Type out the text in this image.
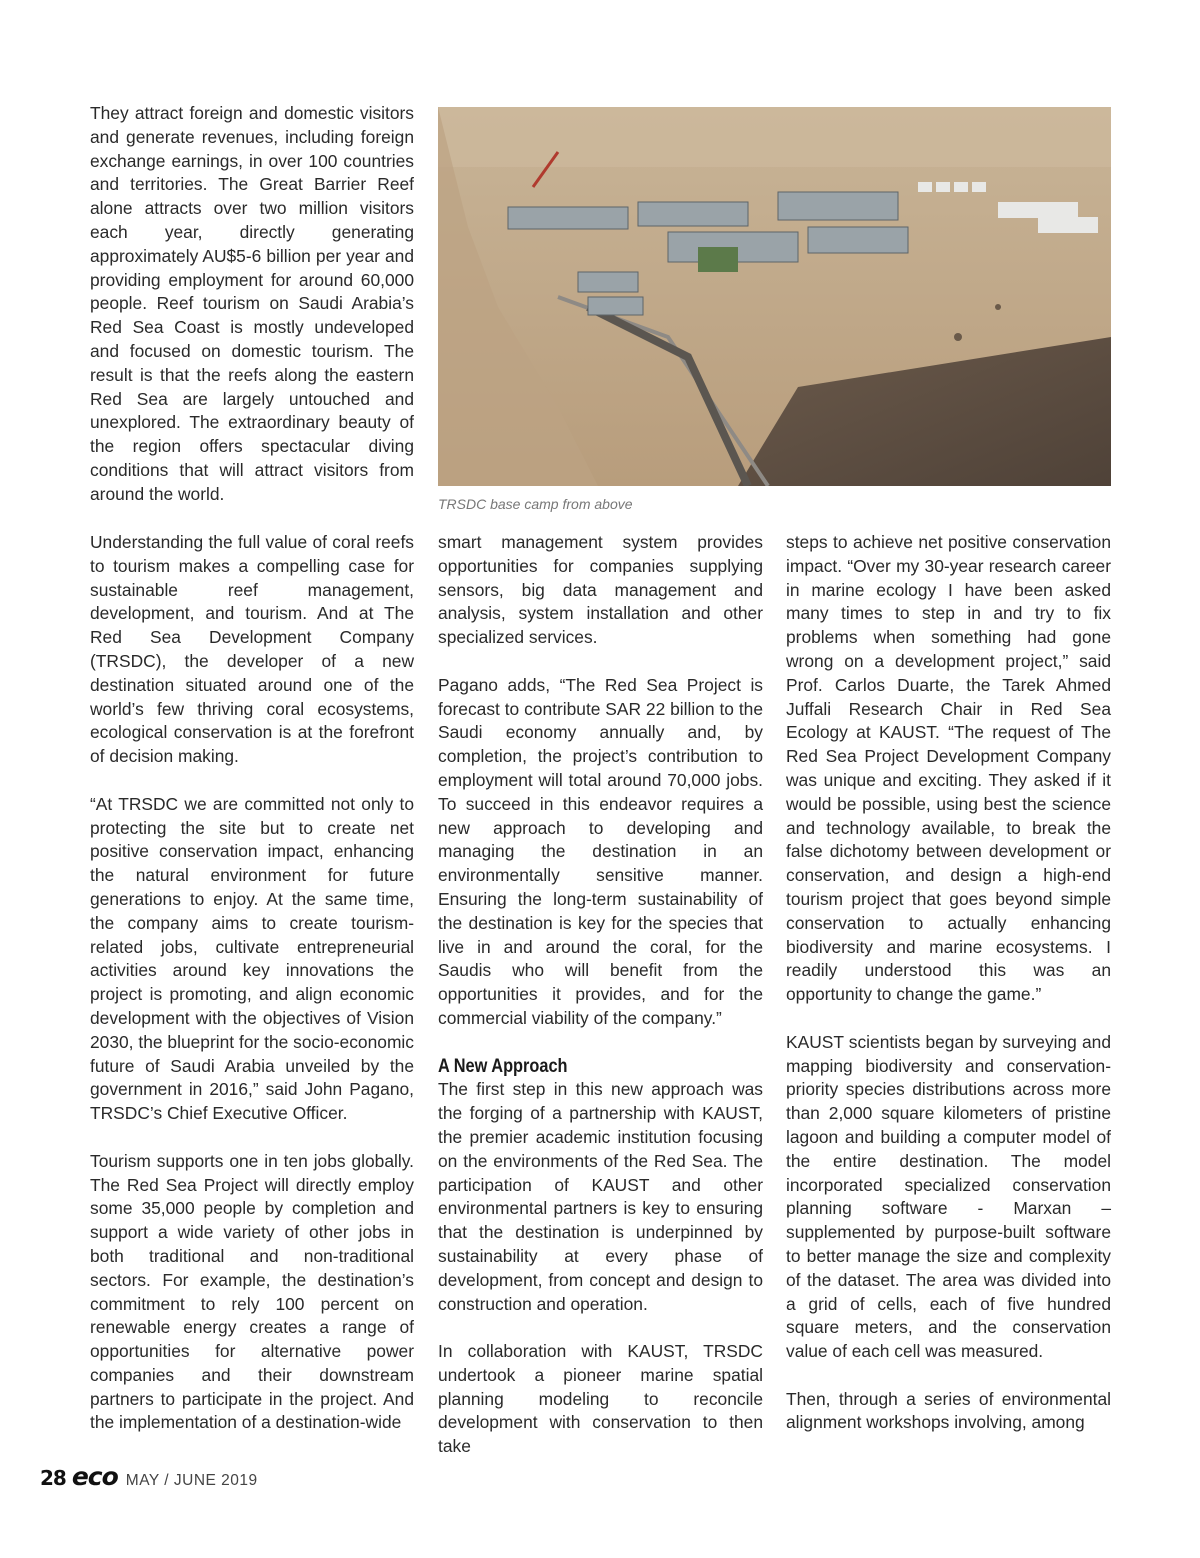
They attract foreign and domestic visitors and generate revenues, including foreign exchange earnings, in over 100 countries and territories. The Great Barrier Reef alone attracts over two million visitors each year, directly generating approximately AU$5-6 billion per year and providing employment for around 60,000 people. Reef tourism on Saudi Arabia’s Red Sea Coast is mostly undeveloped and focused on domestic tourism. The result is that the reefs along the eastern Red Sea are largely untouched and unexplored. The extraordinary beauty of the region offers spectacular diving conditions that will attract visitors from around the world.

TRSDC base camp from above

Understanding the full value of coral reefs to tourism makes a compelling case for sustainable reef management, development, and tourism. And at The Red Sea Development Company (TRSDC), the developer of a new destination situated around one of the world’s few thriving coral ecosystems, ecological conservation is at the forefront of decision making.

“At TRSDC we are committed not only to protecting the site but to create net positive conservation impact, enhancing the natural environment for future generations to enjoy. At the same time, the company aims to create tourism-related jobs, cultivate entrepreneurial activities around key innovations the project is promoting, and align economic development with the objectives of Vision 2030, the blueprint for the socio-economic future of Saudi Arabia unveiled by the government in 2016,” said John Pagano, TRSDC’s Chief Executive Officer.

Tourism supports one in ten jobs globally. The Red Sea Project will directly employ some 35,000 people by completion and support a wide variety of other jobs in both traditional and non-traditional sectors. For example, the destination’s commitment to rely 100 percent on renewable energy creates a range of opportunities for alternative power companies and their downstream partners to participate in the project. And the implementation of a destination-wide

smart management system provides opportunities for companies supplying sensors, big data management and analysis, system installation and other specialized services.

Pagano adds, “The Red Sea Project is forecast to contribute SAR 22 billion to the Saudi economy annually and, by completion, the project’s contribution to employment will total around 70,000 jobs. To succeed in this endeavor requires a new approach to developing and managing the destination in an environmentally sensitive manner. Ensuring the long-term sustainability of the destination is key for the species that live in and around the coral, for the Saudis who will benefit from the opportunities it provides, and for the commercial viability of the company.”

A New Approach

The first step in this new approach was the forging of a partnership with KAUST, the premier academic institution focusing on the environments of the Red Sea. The participation of KAUST and other environmental partners is key to ensuring that the destination is underpinned by sustainability at every phase of development, from concept and design to construction and operation.

In collaboration with KAUST, TRSDC undertook a pioneer marine spatial planning modeling to reconcile development with conservation to then take

steps to achieve net positive conservation impact. “Over my 30-year research career in marine ecology I have been asked many times to step in and try to fix problems when something had gone wrong on a development project,” said Prof. Carlos Duarte, the Tarek Ahmed Juffali Research Chair in Red Sea Ecology at KAUST. “The request of The Red Sea Project Development Company was unique and exciting. They asked if it would be possible, using best the science and technology available, to break the false dichotomy between development or conservation, and design a high-end tourism project that goes beyond simple conservation to actually enhancing biodiversity and marine ecosystems. I readily understood this was an opportunity to change the game.”

KAUST scientists began by surveying and mapping biodiversity and conservation-priority species distributions across more than 2,000 square kilometers of pristine lagoon and building a computer model of the entire destination. The model incorporated specialized conservation planning software - Marxan – supplemented by purpose-built software to better manage the size and complexity of the dataset. The area was divided into a grid of cells, each of five hundred square meters, and the conservation value of each cell was measured.

Then, through a series of environmental alignment workshops involving, among

28 eco MAY / JUNE 2019
